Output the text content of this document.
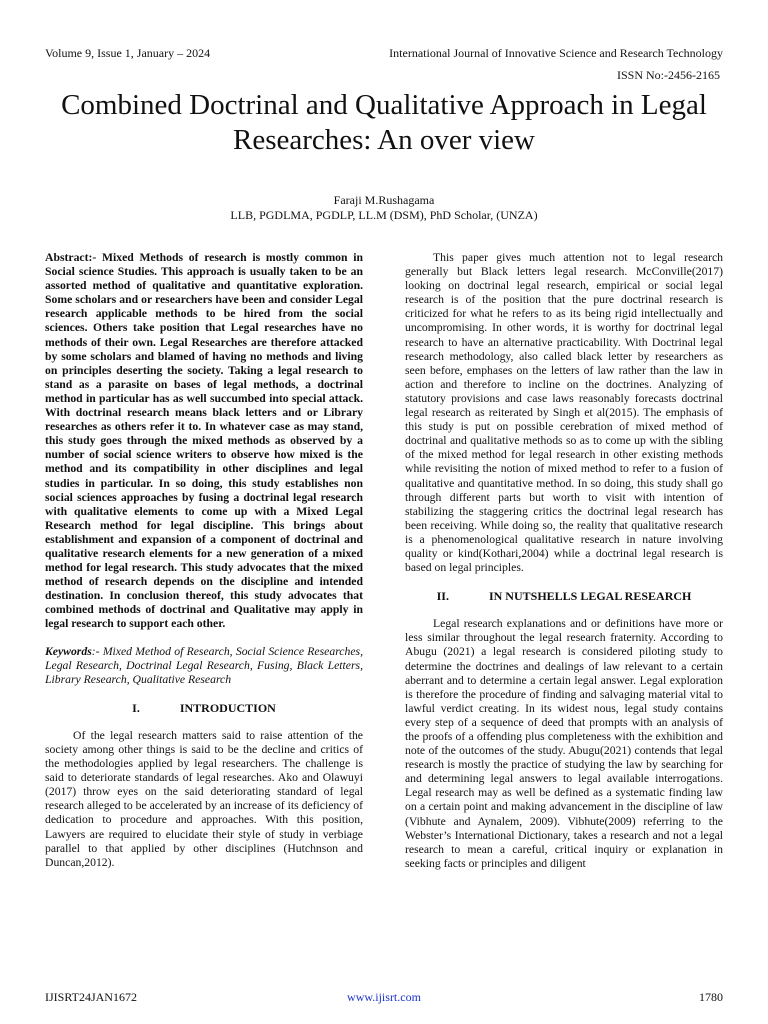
Volume 9, Issue 1, January – 2024	International Journal of Innovative Science and Research Technology
ISSN No:-2456-2165
Combined Doctrinal and Qualitative Approach in Legal Researches: An over view
Faraji M.Rushagama
LLB, PGDLMA, PGDLP, LL.M (DSM), PhD Scholar, (UNZA)

Abstract:- Mixed Methods of research is mostly common in Social science Studies. This approach is usually taken to be an assorted method of qualitative and quantitative exploration. Some scholars and or researchers have been and consider Legal research applicable methods to be hired from the social sciences. Others take position that Legal researches have no methods of their own. Legal Researches are therefore attacked by some scholars and blamed of having no methods and living on principles deserting the society. Taking a legal research to stand as a parasite on bases of legal methods, a doctrinal method in particular has as well succumbed into special attack. With doctrinal research means black letters and or Library researches as others refer it to. In whatever case as may stand, this study goes through the mixed methods as observed by a number of social science writers to observe how mixed is the method and its compatibility in other disciplines and legal studies in particular. In so doing, this study establishes non social sciences approaches by fusing a doctrinal legal research with qualitative elements to come up with a Mixed Legal Research method for legal discipline. This brings about establishment and expansion of a component of doctrinal and qualitative research elements for a new generation of a mixed method for legal research. This study advocates that the mixed method of research depends on the discipline and intended destination. In conclusion thereof, this study advocates that combined methods of doctrinal and Qualitative may apply in legal research to support each other.

Keywords:- Mixed Method of Research, Social Science Researches, Legal Research, Doctrinal Legal Research, Fusing, Black Letters, Library Research, Qualitative Research

I.	INTRODUCTION

Of the legal research matters said to raise attention of the society among other things is said to be the decline and critics of the methodologies applied by legal researchers. The challenge is said to deteriorate standards of legal researches. Ako and Olawuyi (2017) throw eyes on the said deteriorating standard of legal research alleged to be accelerated by an increase of its deficiency of dedication to procedure and approaches. With this position, Lawyers are required to elucidate their style of study in verbiage parallel to that applied by other disciplines (Hutchnson and Duncan,2012).

This paper gives much attention not to legal research generally but Black letters legal research. McConville(2017) looking on doctrinal legal research, empirical or social legal research is of the position that the pure doctrinal research is criticized for what he refers to as its being rigid intellectually and uncompromising. In other words, it is worthy for doctrinal legal research to have an alternative practicability. With Doctrinal legal research methodology, also called black letter by researchers as seen before, emphases on the letters of law rather than the law in action and therefore to incline on the doctrines. Analyzing of statutory provisions and case laws reasonably forecasts doctrinal legal research as reiterated by Singh et al(2015). The emphasis of this study is put on possible cerebration of mixed method of doctrinal and qualitative methods so as to come up with the sibling of the mixed method for legal research in other existing methods while revisiting the notion of mixed method to refer to a fusion of qualitative and quantitative method. In so doing, this study shall go through different parts but worth to visit with intention of stabilizing the staggering critics the doctrinal legal research has been receiving. While doing so, the reality that qualitative research is a phenomenological qualitative research in nature involving quality or kind(Kothari,2004) while a doctrinal legal research is based on legal principles.

II.	IN NUTSHELLS LEGAL RESEARCH

Legal research explanations and or definitions have more or less similar throughout the legal research fraternity. According to Abugu (2021) a legal research is considered piloting study to determine the doctrines and dealings of law relevant to a certain aberrant and to determine a certain legal answer. Legal exploration is therefore the procedure of finding and salvaging material vital to lawful verdict creating. In its widest nous, legal study contains every step of a sequence of deed that prompts with an analysis of the proofs of a offending plus completeness with the exhibition and note of the outcomes of the study. Abugu(2021) contends that legal research is mostly the practice of studying the law by searching for and determining legal answers to legal available interrogations. Legal research may as well be defined as a systematic finding law on a certain point and making advancement in the discipline of law (Vibhute and Aynalem, 2009). Vibhute(2009) referring to the Webster’s International Dictionary, takes a research and not a legal research to mean a careful, critical inquiry or explanation in seeking facts or principles and diligent

IJISRT24JAN1672	www.ijisrt.com	1780
